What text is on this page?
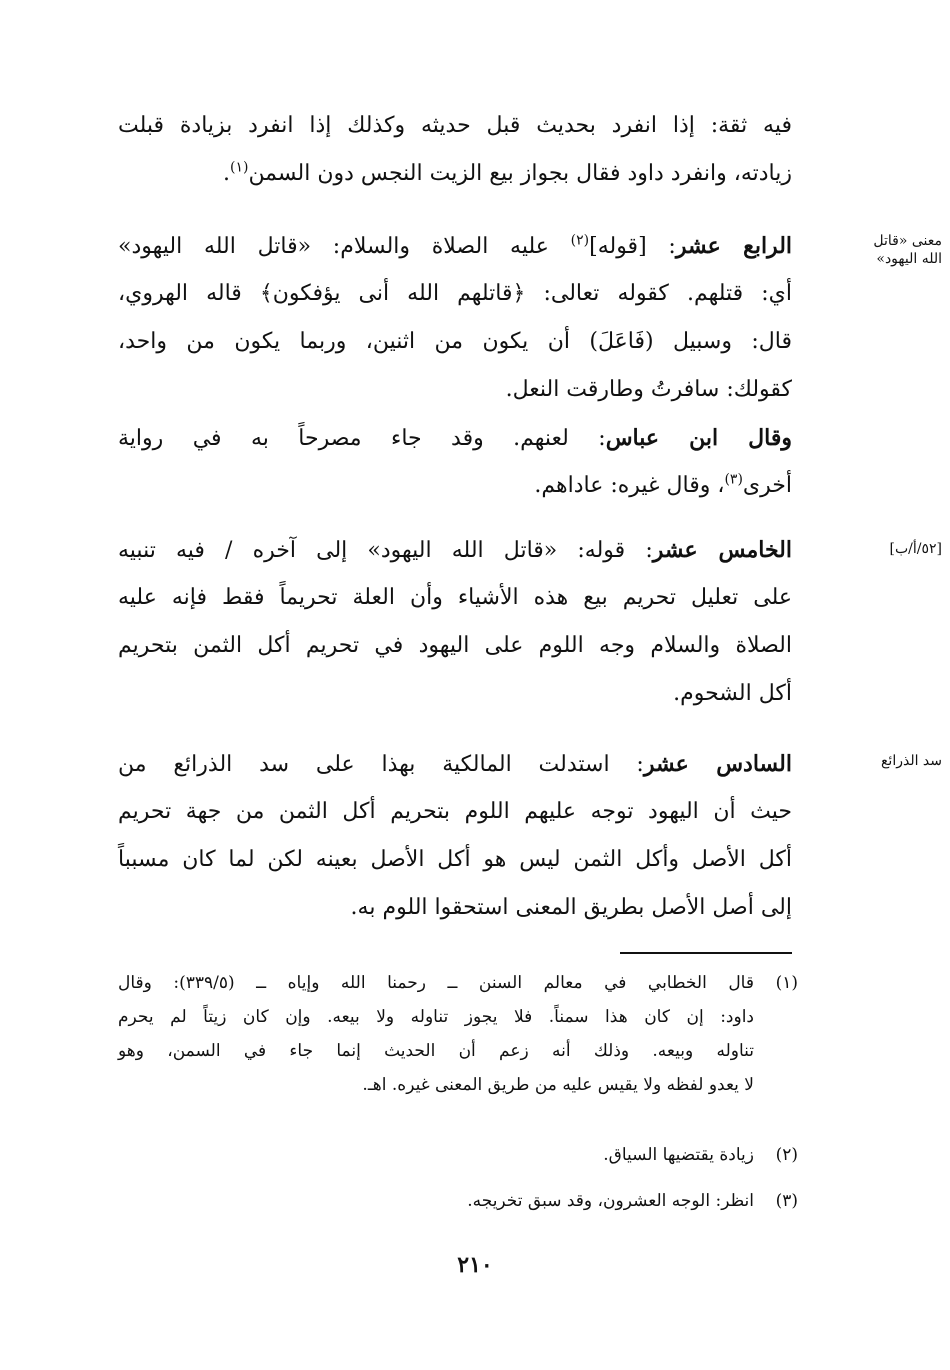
فيه ثقة: إذا انفرد بحديث قبل حديثه وكذلك إذا انفرد بزيادة قبلت
زيادته، وانفرد داود فقال بجواز بيع الزيت النجس دون السمن$^{(١)}$.
الرابع عشر: [قوله]$^{(٢)}$ عليه الصلاة والسلام: «قاتل الله اليهود»
أي: قتلهم. كقوله تعالى: ﴿قاتلهم الله أنى يؤفكون﴾ قاله الهروي،
قال: وسبيل (فَاعَلَ) أن يكون من اثنين، وربما يكون من واحد،
كقولك: سافرتُ وطارقت النعل.
وقال ابن عباس: لعنهم. وقد جاء مصرحاً به في رواية
أخرى$^{(٣)}$، وقال غيره: عاداهم.
الخامس عشر: قوله: «قاتل الله اليهود» إلى آخره / فيه تنبيه
على تعليل تحريم بيع هذه الأشياء وأن العلة تحريماً فقط فإنه عليه
الصلاة والسلام وجه اللوم على اليهود في تحريم أكل الثمن بتحريم
أكل الشحوم.
السادس عشر: استدلت المالكية بهذا على سد الذرائع من
حيث أن اليهود توجه عليهم اللوم بتحريم أكل الثمن من جهة تحريم
أكل الأصل وأكل الثمن ليس هو أكل الأصل بعينه لكن لما كان مسبباً
إلى أصل الأصل بطريق المعنى استحقوا اللوم به.
معنى «قاتل
الله اليهود»
[٥٢/أ/ب]
سد الذرائع
(١)قال الخطابي في معالم السنن ــ رحمنا الله وإياه ــ (٣٣٩/٥): وقال
داود: إن كان هذا سمناً. فلا يجوز تناوله ولا بيعه. وإن كان زيتاً لم يحرم
تناوله وبيعه. وذلك أنه زعم أن الحديث إنما جاء في السمن، وهو
لا يعدو لفظه ولا يقيس عليه من طريق المعنى غيره. اهـ.
(٢)زيادة يقتضيها السياق.
(٣)انظر: الوجه العشرون، وقد سبق تخريجه.
٢١٠
